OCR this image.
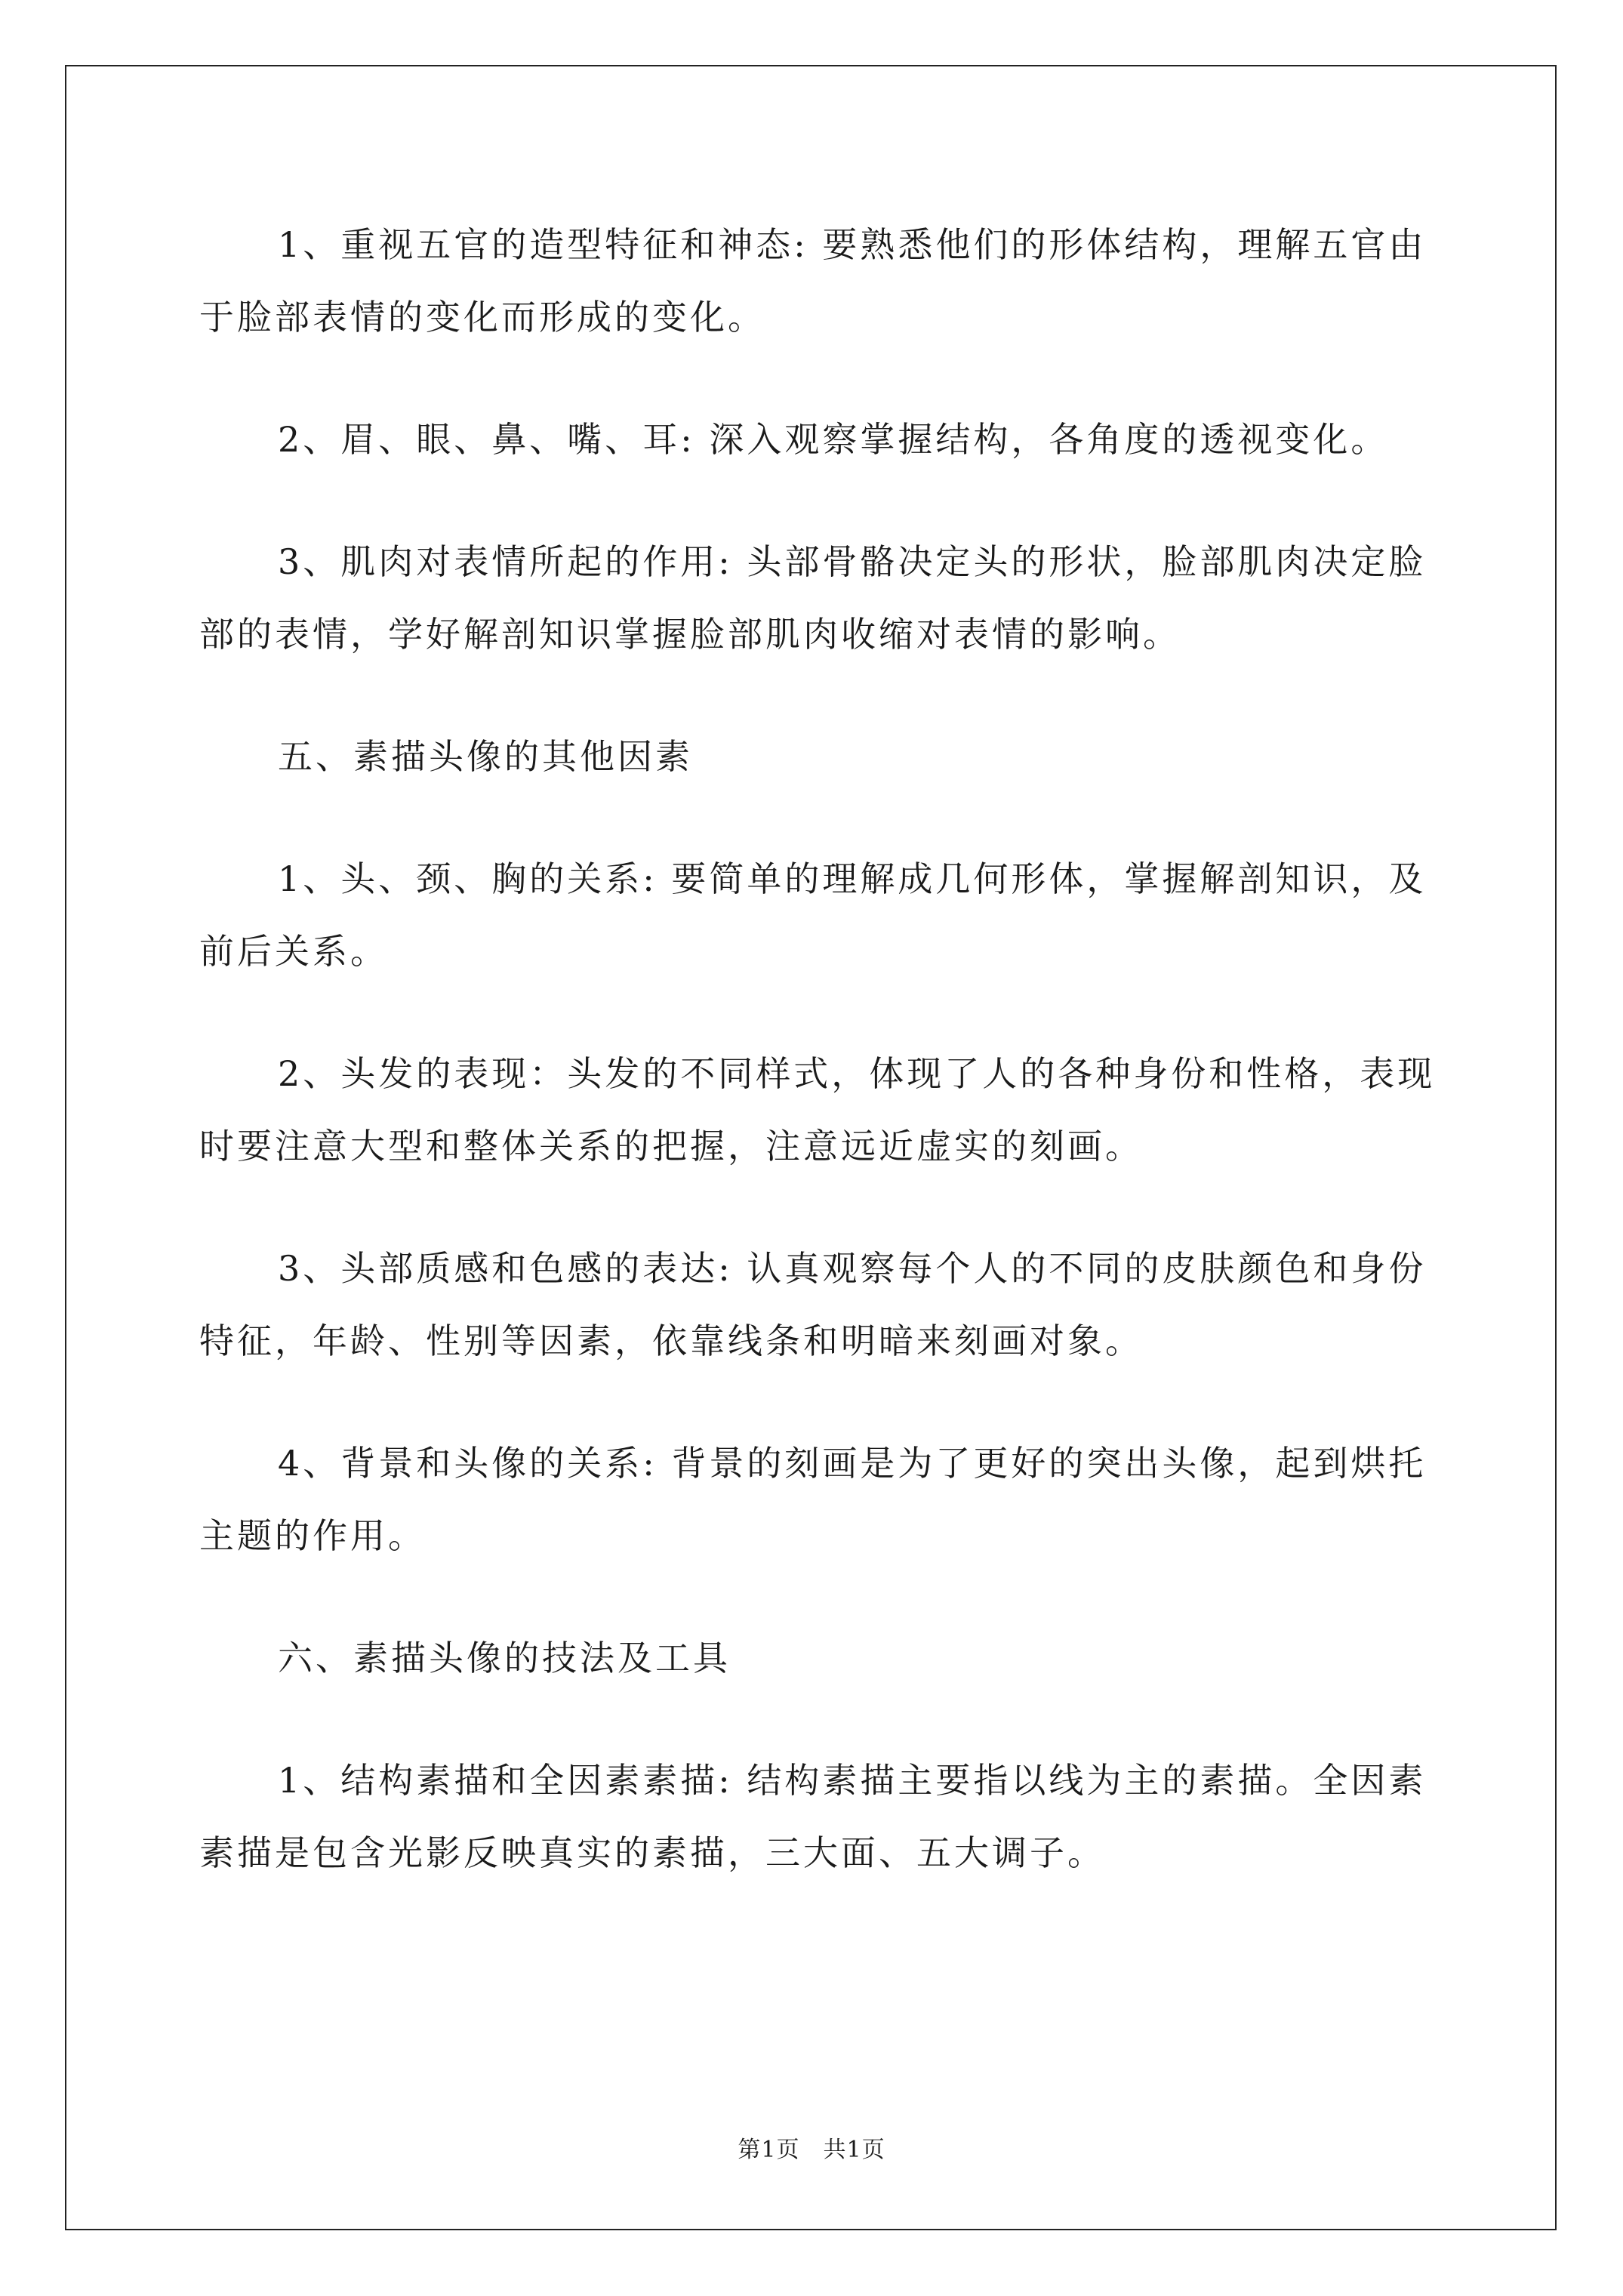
1、重视五官的造型特征和神态: 要熟悉他们的形体结构，理解五官由于脸部表情的变化而形成的变化。

2、眉、眼、鼻、嘴、耳: 深入观察掌握结构，各角度的透视变化。

3、肌肉对表情所起的作用: 头部骨骼决定头的形状，脸部肌肉决定脸部的表情，学好解剖知识掌握脸部肌肉收缩对表情的影响。

五、素描头像的其他因素

1、头、颈、胸的关系: 要简单的理解成几何形体，掌握解剖知识，及前后关系。

2、头发的表现：头发的不同样式，体现了人的各种身份和性格，表现时要注意大型和整体关系的把握，注意远近虚实的刻画。

3、头部质感和色感的表达: 认真观察每个人的不同的皮肤颜色和身份特征，年龄、性别等因素，依靠线条和明暗来刻画对象。

4、背景和头像的关系: 背景的刻画是为了更好的突出头像，起到烘托主题的作用。

六、素描头像的技法及工具

1、结构素描和全因素素描: 结构素描主要指以线为主的素描。全因素素描是包含光影反映真实的素描，三大面、五大调子。

第1页　共1页
